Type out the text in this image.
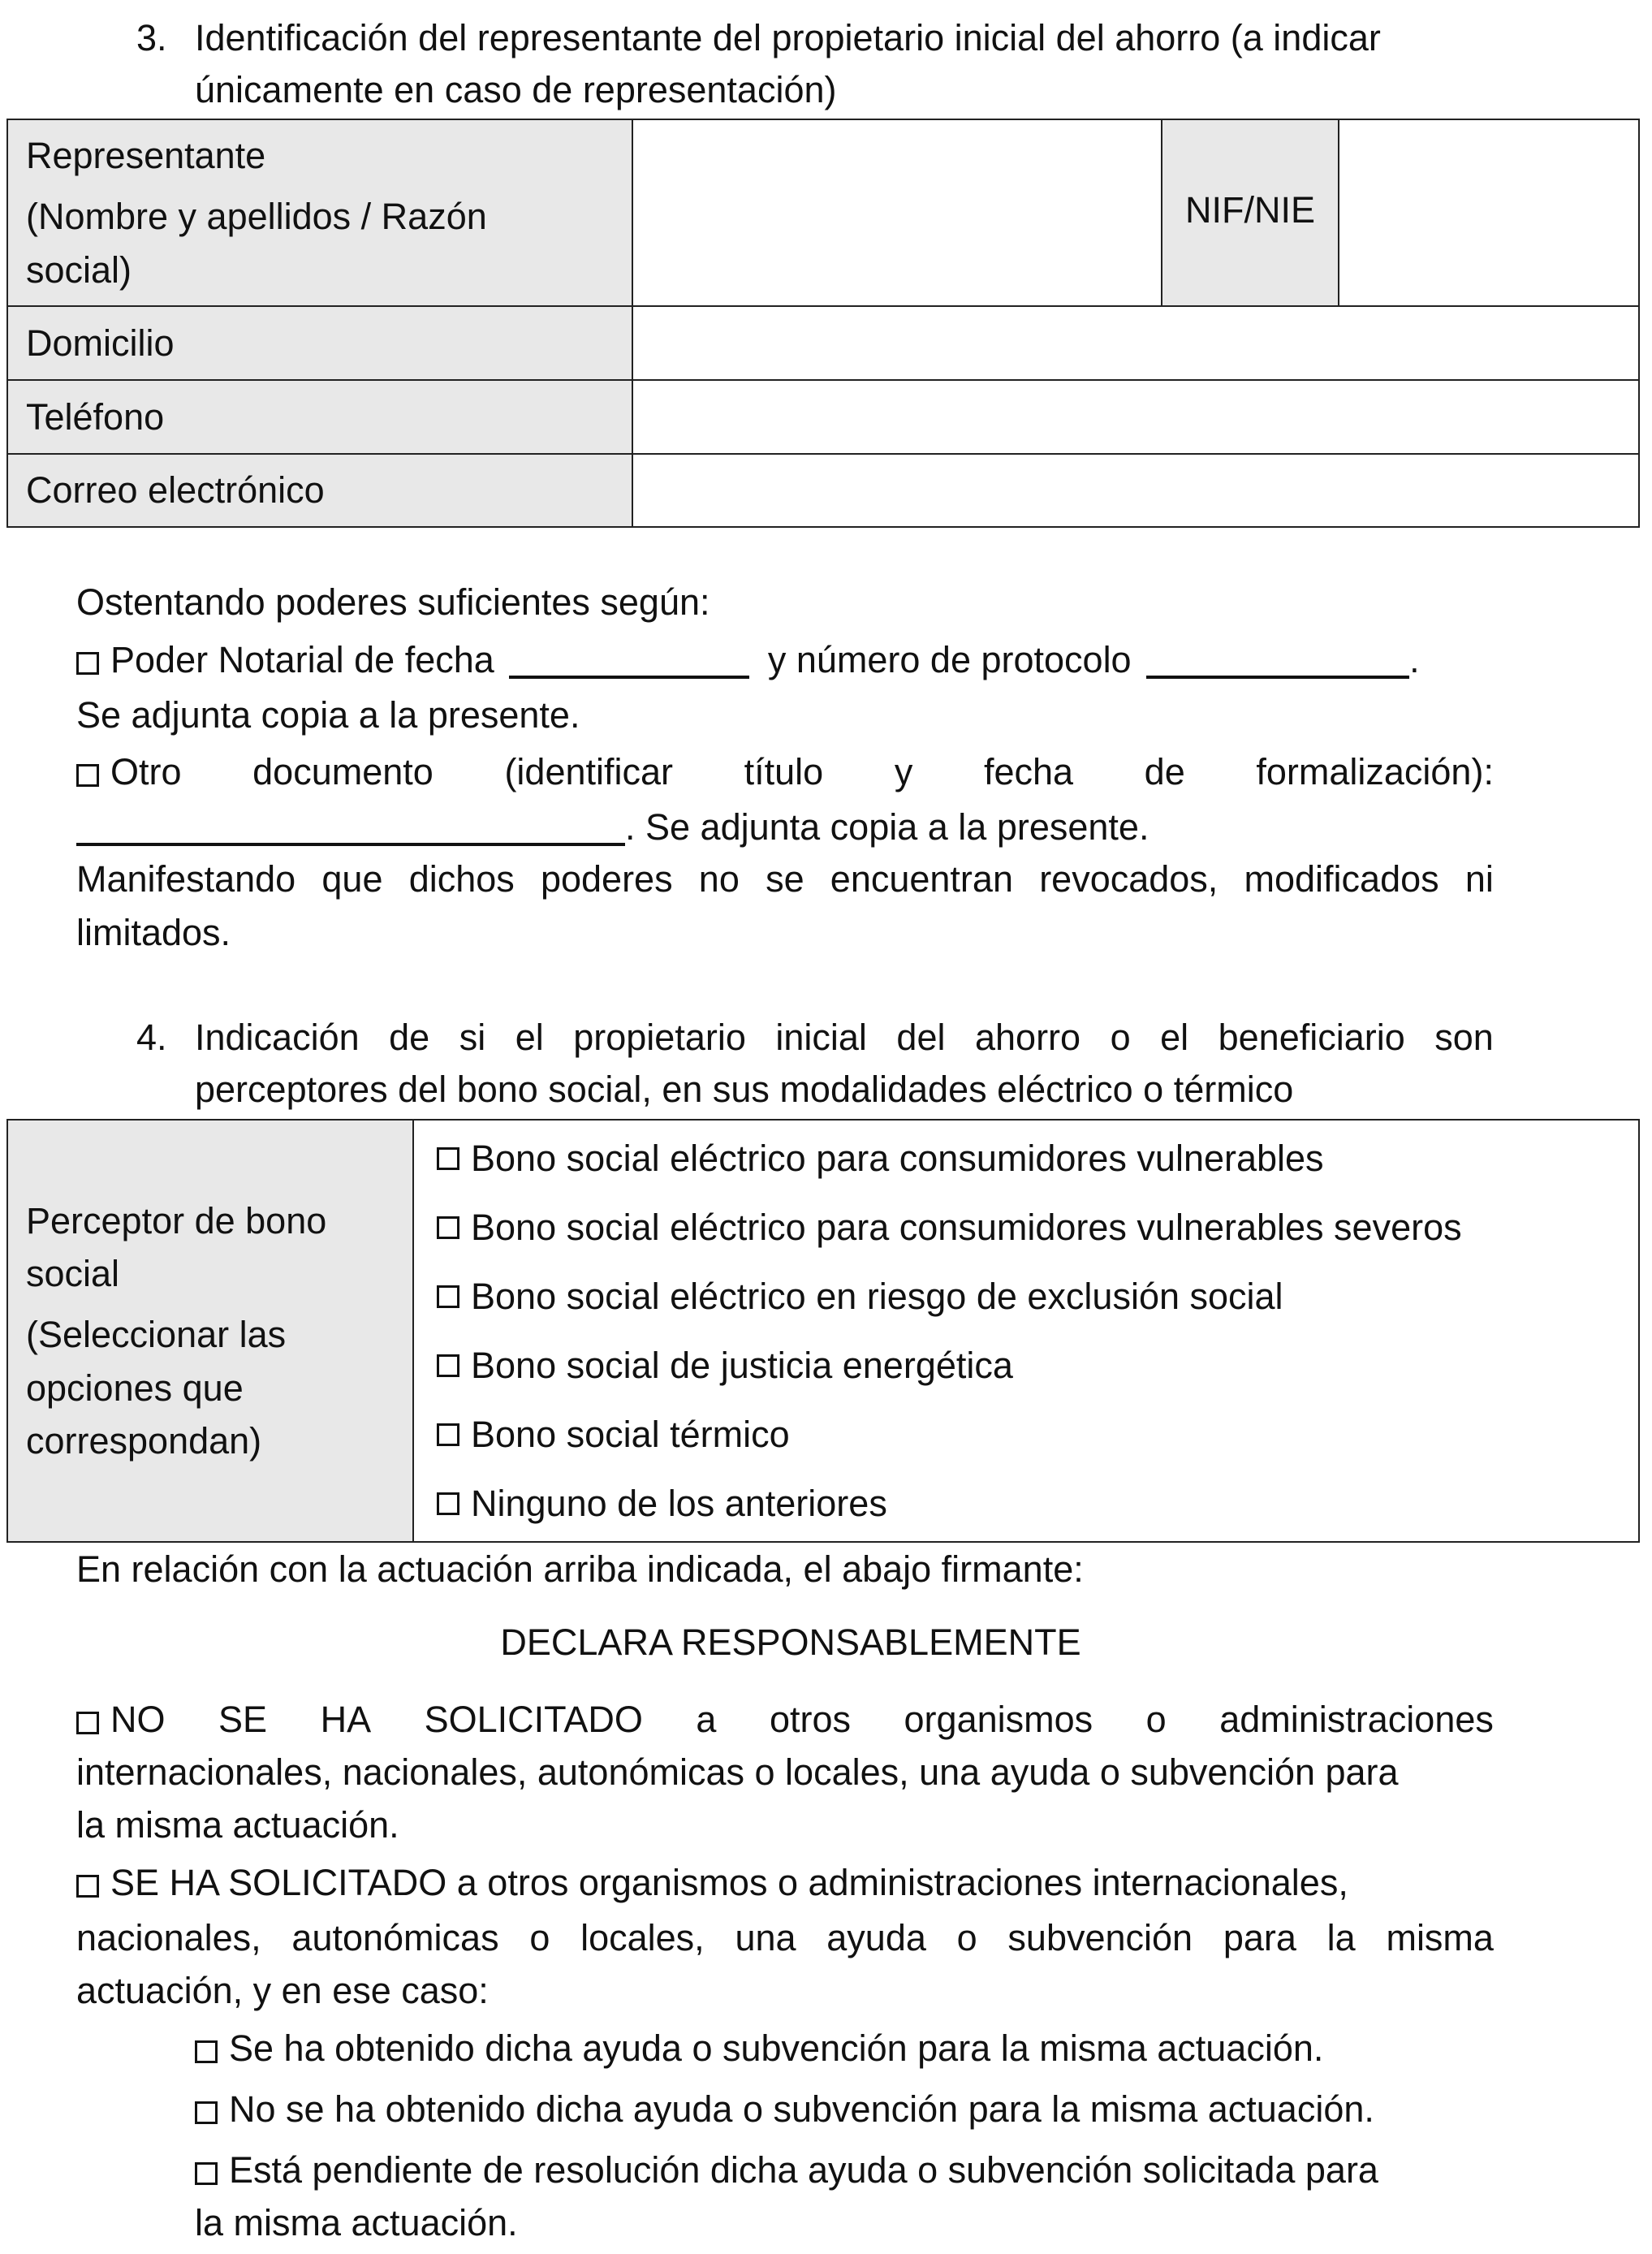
3. Identificación del representante del propietario inicial del ahorro (a indicar
únicamente en caso de representación)
Representante
(Nombre y apellidos / Razón
social)		NIF/NIE	
Domicilio			
Teléfono			
Correo electrónico			
Ostentando poderes suficientes según:
Poder Notarial de fecha	y número de protocolo	.
Se adjunta copia a la presente.
Otro documento (identificar título y fecha de formalización):
. Se adjunta copia a la presente.
Manifestando que dichos poderes no se encuentran revocados, modificados ni
limitados.
4. Indicación de si el propietario inicial del ahorro o el beneficiario son
perceptores del bono social, en sus modalidades eléctrico o térmico
Perceptor de bono
social
(Seleccionar las
opciones que
correspondan)

Bono social eléctrico para consumidores vulnerables
Bono social eléctrico para consumidores vulnerables severos
Bono social eléctrico en riesgo de exclusión social
Bono social de justicia energética
Bono social térmico
Ninguno de los anteriores
En relación con la actuación arriba indicada, el abajo firmante:
DECLARA RESPONSABLEMENTE
NO SE HA SOLICITADO a otros organismos o administraciones
internacionales, nacionales, autonómicas o locales, una ayuda o subvención para
la misma actuación.
SE HA SOLICITADO a otros organismos o administraciones internacionales,
nacionales, autonómicas o locales, una ayuda o subvención para la misma
actuación, y en ese caso:
Se ha obtenido dicha ayuda o subvención para la misma actuación.
No se ha obtenido dicha ayuda o subvención para la misma actuación.
Está pendiente de resolución dicha ayuda o subvención solicitada para
la misma actuación.
